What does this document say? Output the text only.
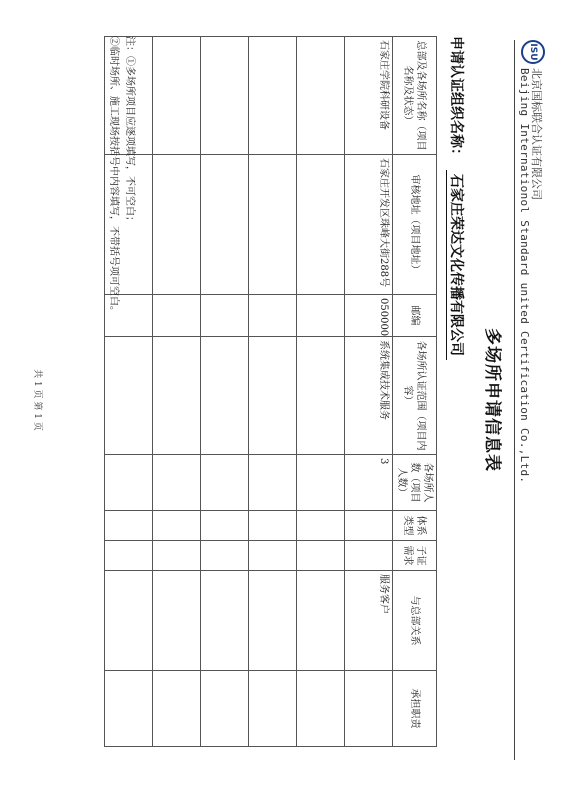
ISU
北京国标联合认证有限公司
Beijing Internationol Standard united Certification Co.,Ltd.
多场所申请信息表
申请认证组织名称：石家庄荣达文化传播有限公司
总部及各场所名称（项目名称及状态）	审核地址（项目地址）	邮编	各场所认证范围（项目内容）	各场所人数（项目人数）	体系类型	子证需求	与总部关系	承担职责
石家庄学院科研设备	石家庄开发区珠峰大街288号	050000	系统集成技术服务	3			服务客户	

注：①多场所项目应逐项填写，不可空白；
②临时场所、施工现场按括号中内容填写，不带括号项可空白。
共 1 页 第 1 页
